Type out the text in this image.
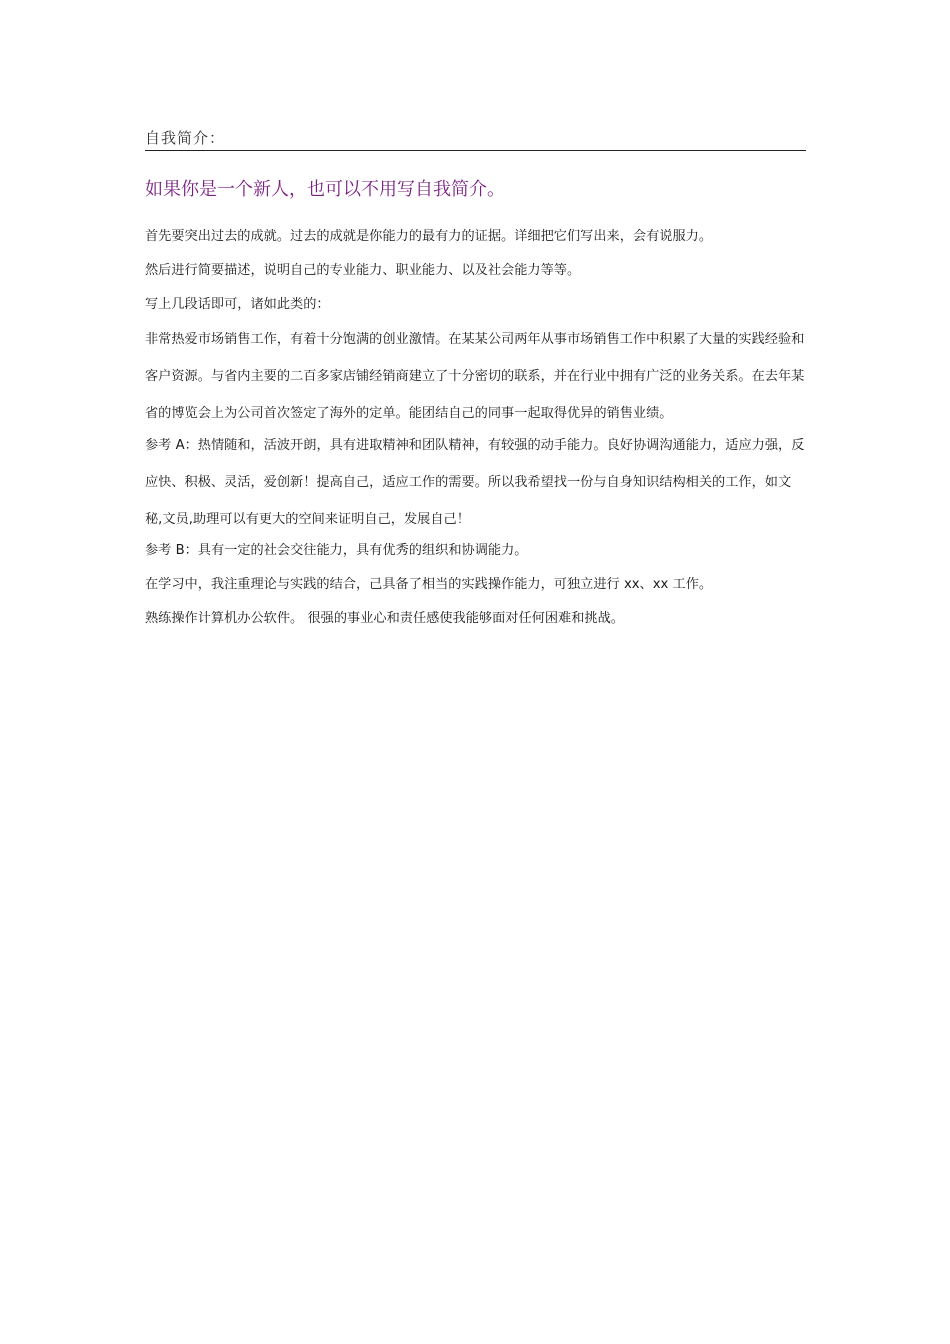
自我简介：
如果你是一个新人，也可以不用写自我简介。

首先要突出过去的成就。过去的成就是你能力的最有力的证据。详细把它们写出来，会有说服力。

然后进行简要描述，说明自己的专业能力、职业能力、以及社会能力等等。

写上几段话即可，诸如此类的：

非常热爱市场销售工作，有着十分饱满的创业激情。在某某公司两年从事市场销售工作中积累了大量的实践经验和客户资源。与省内主要的二百多家店铺经销商建立了十分密切的联系，并在行业中拥有广泛的业务关系。在去年某省的博览会上为公司首次签定了海外的定单。能团结自己的同事一起取得优异的销售业绩。

参考 A：热情随和，活波开朗，具有进取精神和团队精神，有较强的动手能力。良好协调沟通能力，适应力强，反应快、积极、灵活，爱创新！提高自己，适应工作的需要。所以我希望找一份与自身知识结构相关的工作，如文秘,文员,助理可以有更大的空间来证明自己，发展自己！

参考 B：具有一定的社会交往能力，具有优秀的组织和协调能力。

在学习中，我注重理论与实践的结合，己具备了相当的实践操作能力，可独立进行 xx、xx 工作。

熟练操作计算机办公软件。 很强的事业心和责任感使我能够面对任何困难和挑战。
